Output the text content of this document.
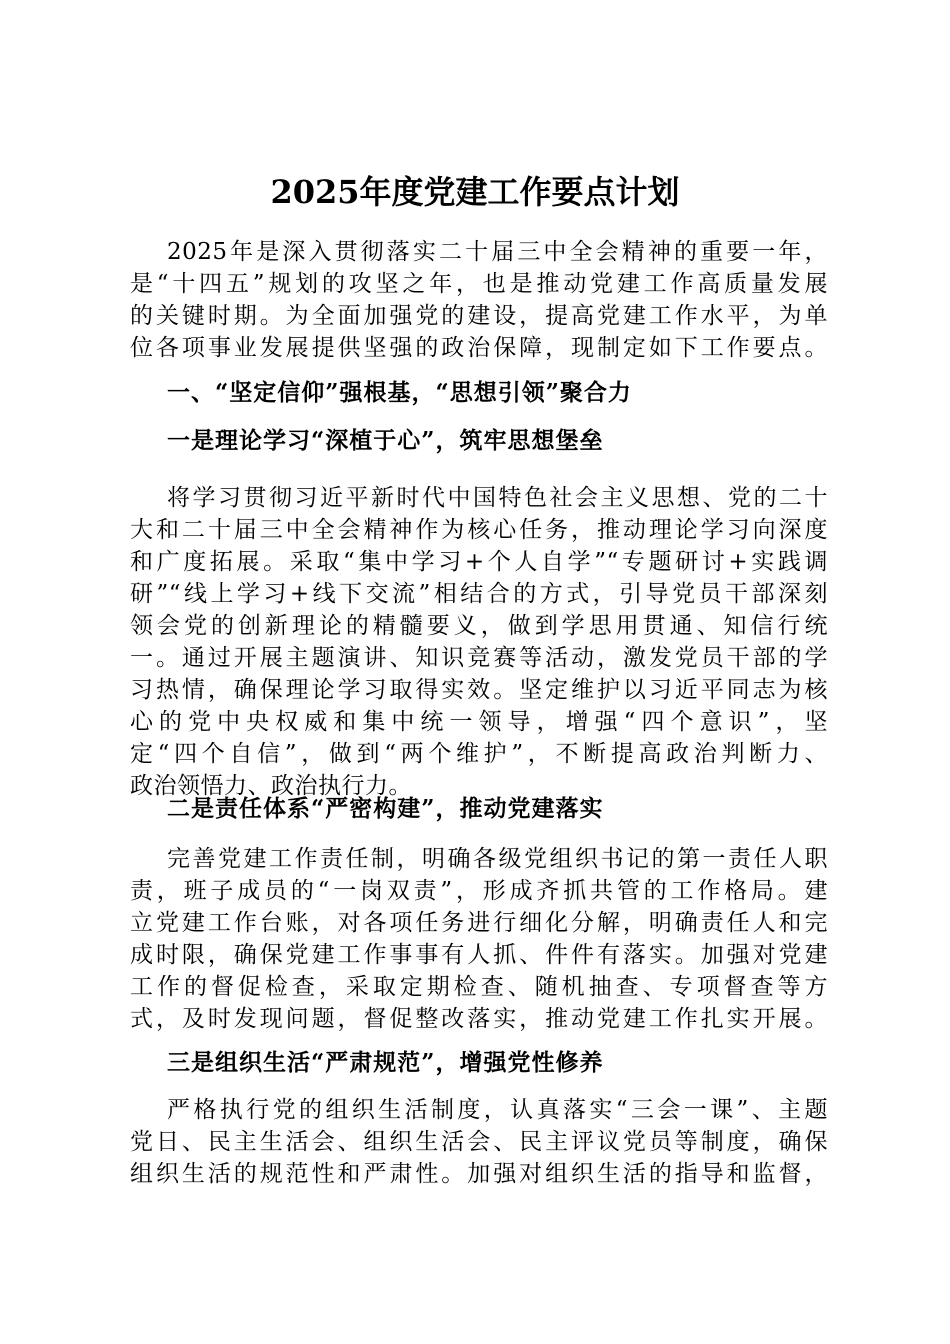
2025年度党建工作要点计划
2025年是深入贯彻落实二十届三中全会精神的重要一年，
是“十四五”规划的攻坚之年，也是推动党建工作高质量发展
的关键时期。为全面加强党的建设，提高党建工作水平，为单
位各项事业发展提供坚强的政治保障，现制定如下工作要点。
一、“坚定信仰”强根基，“思想引领”聚合力
一是理论学习“深植于心”，筑牢思想堡垒
将学习贯彻习近平新时代中国特色社会主义思想、党的二十
大和二十届三中全会精神作为核心任务，推动理论学习向深度
和广度拓展。采取“集中学习+个人自学”“专题研讨+实践调
研”“线上学习+线下交流”相结合的方式，引导党员干部深刻
领会党的创新理论的精髓要义，做到学思用贯通、知信行统
一。通过开展主题演讲、知识竞赛等活动，激发党员干部的学
习热情，确保理论学习取得实效。坚定维护以习近平同志为核
心的党中央权威和集中统一领导，增强“四个意识”，坚
定“四个自信”，做到“两个维护”，不断提高政治判断力、
政治领悟力、政治执行力。
二是责任体系“严密构建”，推动党建落实
完善党建工作责任制，明确各级党组织书记的第一责任人职
责，班子成员的“一岗双责”，形成齐抓共管的工作格局。建
立党建工作台账，对各项任务进行细化分解，明确责任人和完
成时限，确保党建工作事事有人抓、件件有落实。加强对党建
工作的督促检查，采取定期检查、随机抽查、专项督查等方
式，及时发现问题，督促整改落实，推动党建工作扎实开展。
三是组织生活“严肃规范”，增强党性修养
严格执行党的组织生活制度，认真落实“三会一课”、主题
党日、民主生活会、组织生活会、民主评议党员等制度，确保
组织生活的规范性和严肃性。加强对组织生活的指导和监督，
